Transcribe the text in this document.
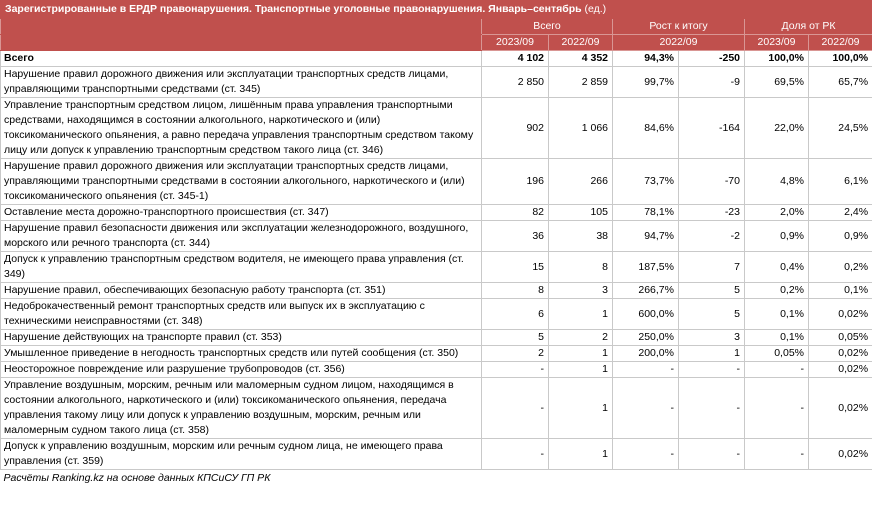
Зарегистрированные в ЕРДР правонарушения. Транспортные уголовные правонарушения. Январь–сентябрь (ед.)						
	Всего		Рост к итогу		Доля от РК	
	2023/09	2022/09	2022/09		2023/09	2022/09
Всего	4 102	4 352	94,3%	-250	100,0%	100,0%
Нарушение правил дорожного движения или эксплуатации транспортных средств лицами, управляющими транспортными средствами (ст. 345)	2 850	2 859	99,7%	-9	69,5%	65,7%
Управление транспортным средством лицом, лишённым права управления транспортными средствами, находящимся в состоянии алкогольного, наркотического и (или) токсикоманического опьянения, а равно передача управления транспортным средством такому лицу или допуск к управлению транспортным средством такого лица (ст. 346)	902	1 066	84,6%	-164	22,0%	24,5%
Нарушение правил дорожного движения или эксплуатации транспортных средств лицами, управляющими транспортными средствами в состоянии алкогольного, наркотического и (или) токсикоманического опьянения (ст. 345-1)	196	266	73,7%	-70	4,8%	6,1%
Оставление места дорожно-транспортного происшествия (ст. 347)	82	105	78,1%	-23	2,0%	2,4%
Нарушение правил безопасности движения или эксплуатации железнодорожного, воздушного, морского или речного транспорта (ст. 344)	36	38	94,7%	-2	0,9%	0,9%
Допуск к управлению транспортным средством водителя, не имеющего права управления (ст. 349)	15	8	187,5%	7	0,4%	0,2%
Нарушение правил, обеспечивающих безопасную работу транспорта (ст. 351)	8	3	266,7%	5	0,2%	0,1%
Недоброкачественный ремонт транспортных средств или выпуск их в эксплуатацию с техническими неисправностями (ст. 348)	6	1	600,0%	5	0,1%	0,02%
Нарушение действующих на транспорте правил (ст. 353)	5	2	250,0%	3	0,1%	0,05%
Умышленное приведение в негодность транспортных средств или путей сообщения (ст. 350)	2	1	200,0%	1	0,05%	0,02%
Неосторожное повреждение или разрушение трубопроводов (ст. 356)	-	1	-	-	-	0,02%
Управление воздушным, морским, речным или маломерным судном лицом, находящимся в состоянии алкогольного, наркотического и (или) токсикоманического опьянения, передача управления такому лицу или допуск к управлению воздушным, морским, речным или маломерным судном такого лица (ст. 358)	-	1	-	-	-	0,02%
Допуск к управлению воздушным, морским или речным судном лица, не имеющего права управления (ст. 359)	-	1	-	-	-	0,02%
Расчёты Ranking.kz на основе данных КПСиСУ ГП РК						
